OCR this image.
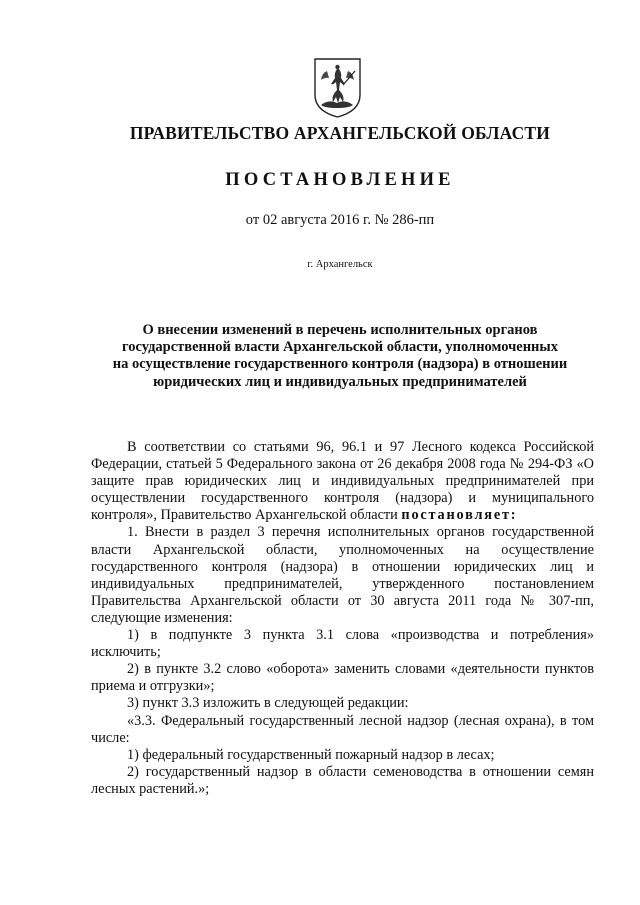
ПРАВИТЕЛЬСТВО АРХАНГЕЛЬСКОЙ ОБЛАСТИ
ПОСТАНОВЛЕНИЕ
от 02 августа 2016 г. № 286-пп
г. Архангельск
О внесении изменений в перечень исполнительных органов
государственной власти Архангельской области, уполномоченных
на осуществление государственного контроля (надзора) в отношении
юридических лиц и индивидуальных предпринимателей

В соответствии со статьями 96, 96.1 и 97 Лесного кодекса Российской Федерации, статьей 5 Федерального закона от 26 декабря 2008 года № 294-ФЗ «О защите прав юридических лиц и индивидуальных предпринимателей при осуществлении государственного контроля (надзора) и муниципального контроля», Правительство Архангельской области постановляет:

1. Внести в раздел 3 перечня исполнительных органов государственной власти Архангельской области, уполномоченных на осуществление государственного контроля (надзора) в отношении юридических лиц и индивидуальных предпринимателей, утвержденного постановлением Правительства Архангельской области от 30 августа 2011 года № 307-пп, следующие изменения:

1) в подпункте 3 пункта 3.1 слова «производства и потребления» исключить;

2) в пункте 3.2 слово «оборота» заменить словами «деятельности пунктов приема и отгрузки»;

3) пункт 3.3 изложить в следующей редакции:

«3.3. Федеральный государственный лесной надзор (лесная охрана), в том числе:

1) федеральный государственный пожарный надзор в лесах;

2) государственный надзор в области семеноводства в отношении семян лесных растений.»;
